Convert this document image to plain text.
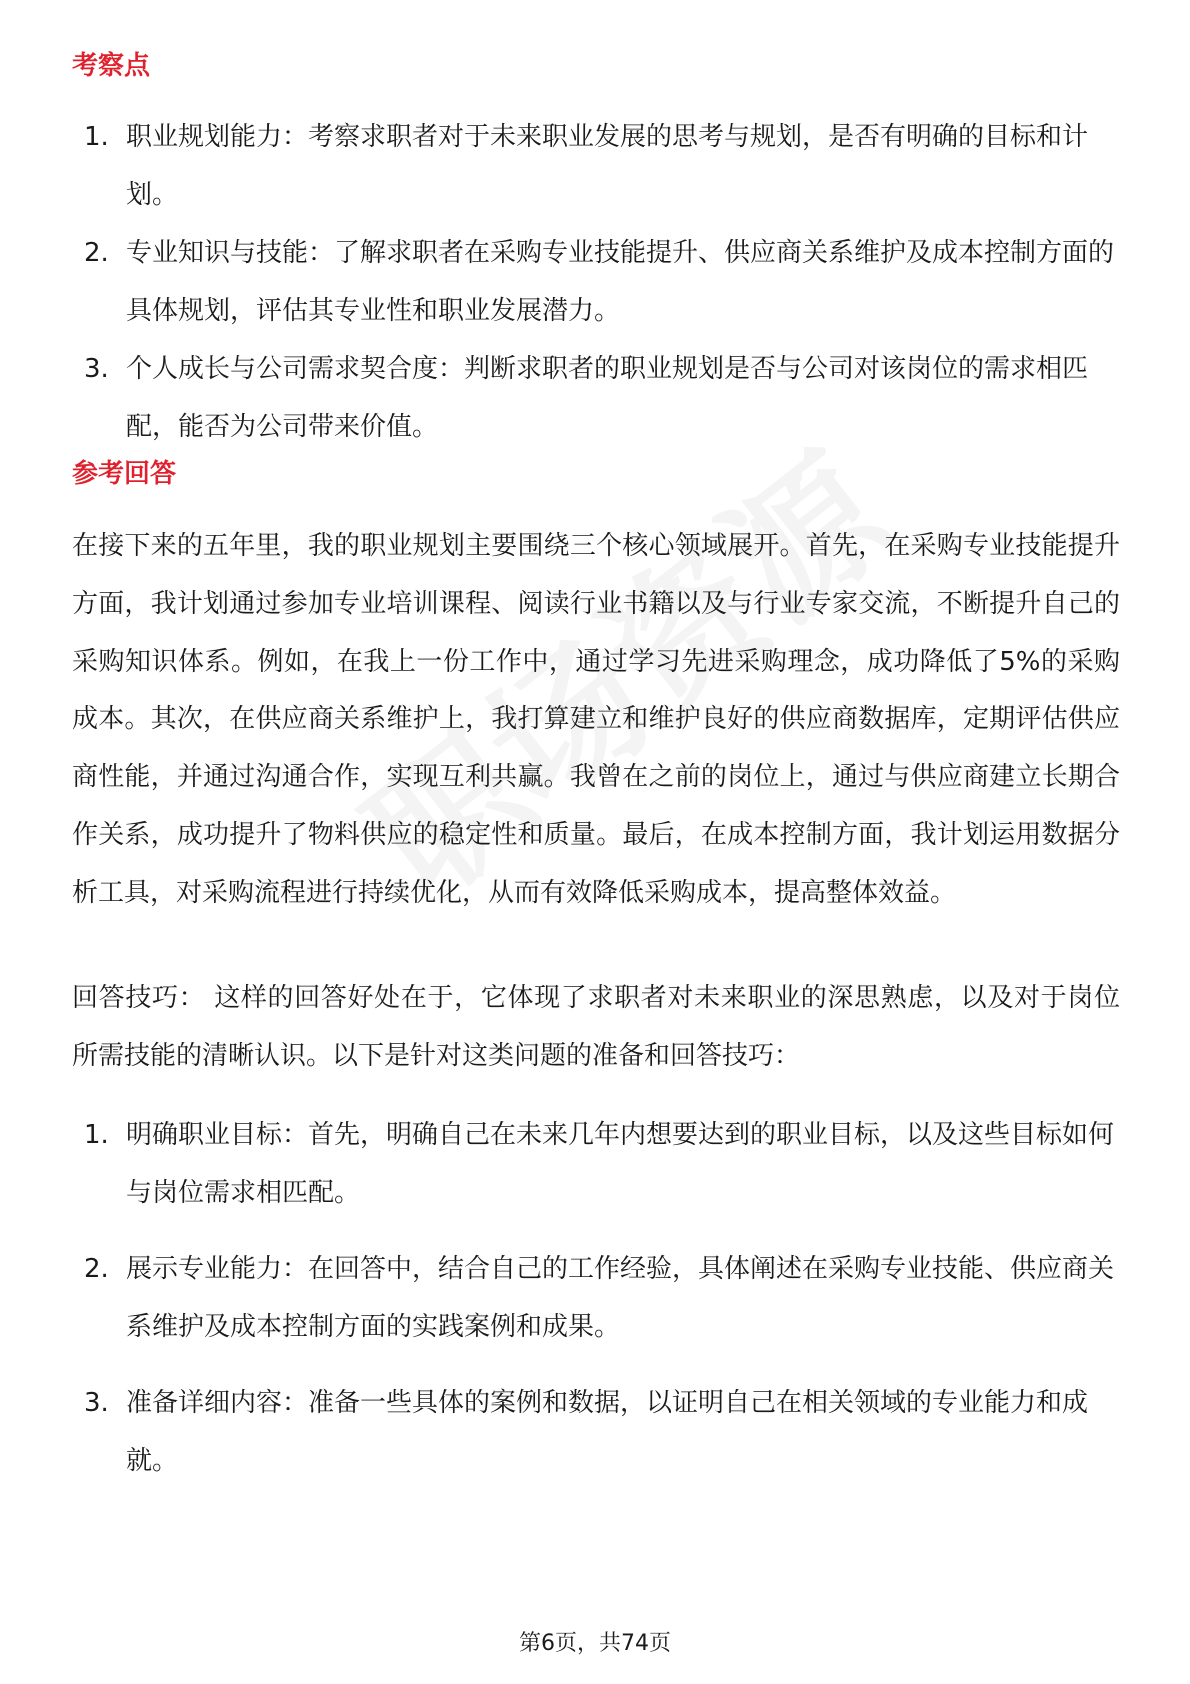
考察点
1. 职业规划能力：考察求职者对于未来职业发展的思考与规划，是否有明确的目标和计划。
2. 专业知识与技能：了解求职者在采购专业技能提升、供应商关系维护及成本控制方面的具体规划，评估其专业性和职业发展潜力。
3. 个人成长与公司需求契合度：判断求职者的职业规划是否与公司对该岗位的需求相匹配，能否为公司带来价值。
参考回答

在接下来的五年里，我的职业规划主要围绕三个核心领域展开。首先，在采购专业技能提升方面，我计划通过参加专业培训课程、阅读行业书籍以及与行业专家交流，不断提升自己的采购知识体系。例如，在我上一份工作中，通过学习先进采购理念，成功降低了5%的采购成本。其次，在供应商关系维护上，我打算建立和维护良好的供应商数据库，定期评估供应商性能，并通过沟通合作，实现互利共赢。我曾在之前的岗位上，通过与供应商建立长期合作关系，成功提升了物料供应的稳定性和质量。最后，在成本控制方面，我计划运用数据分析工具，对采购流程进行持续优化，从而有效降低采购成本，提高整体效益。

回答技巧： 这样的回答好处在于，它体现了求职者对未来职业的深思熟虑，以及对于岗位所需技能的清晰认识。以下是针对这类问题的准备和回答技巧：

1. 明确职业目标：首先，明确自己在未来几年内想要达到的职业目标，以及这些目标如何与岗位需求相匹配。
2. 展示专业能力：在回答中，结合自己的工作经验，具体阐述在采购专业技能、供应商关系维护及成本控制方面的实践案例和成果。
3. 准备详细内容：准备一些具体的案例和数据，以证明自己在相关领域的专业能力和成就。
第6页，共74页
